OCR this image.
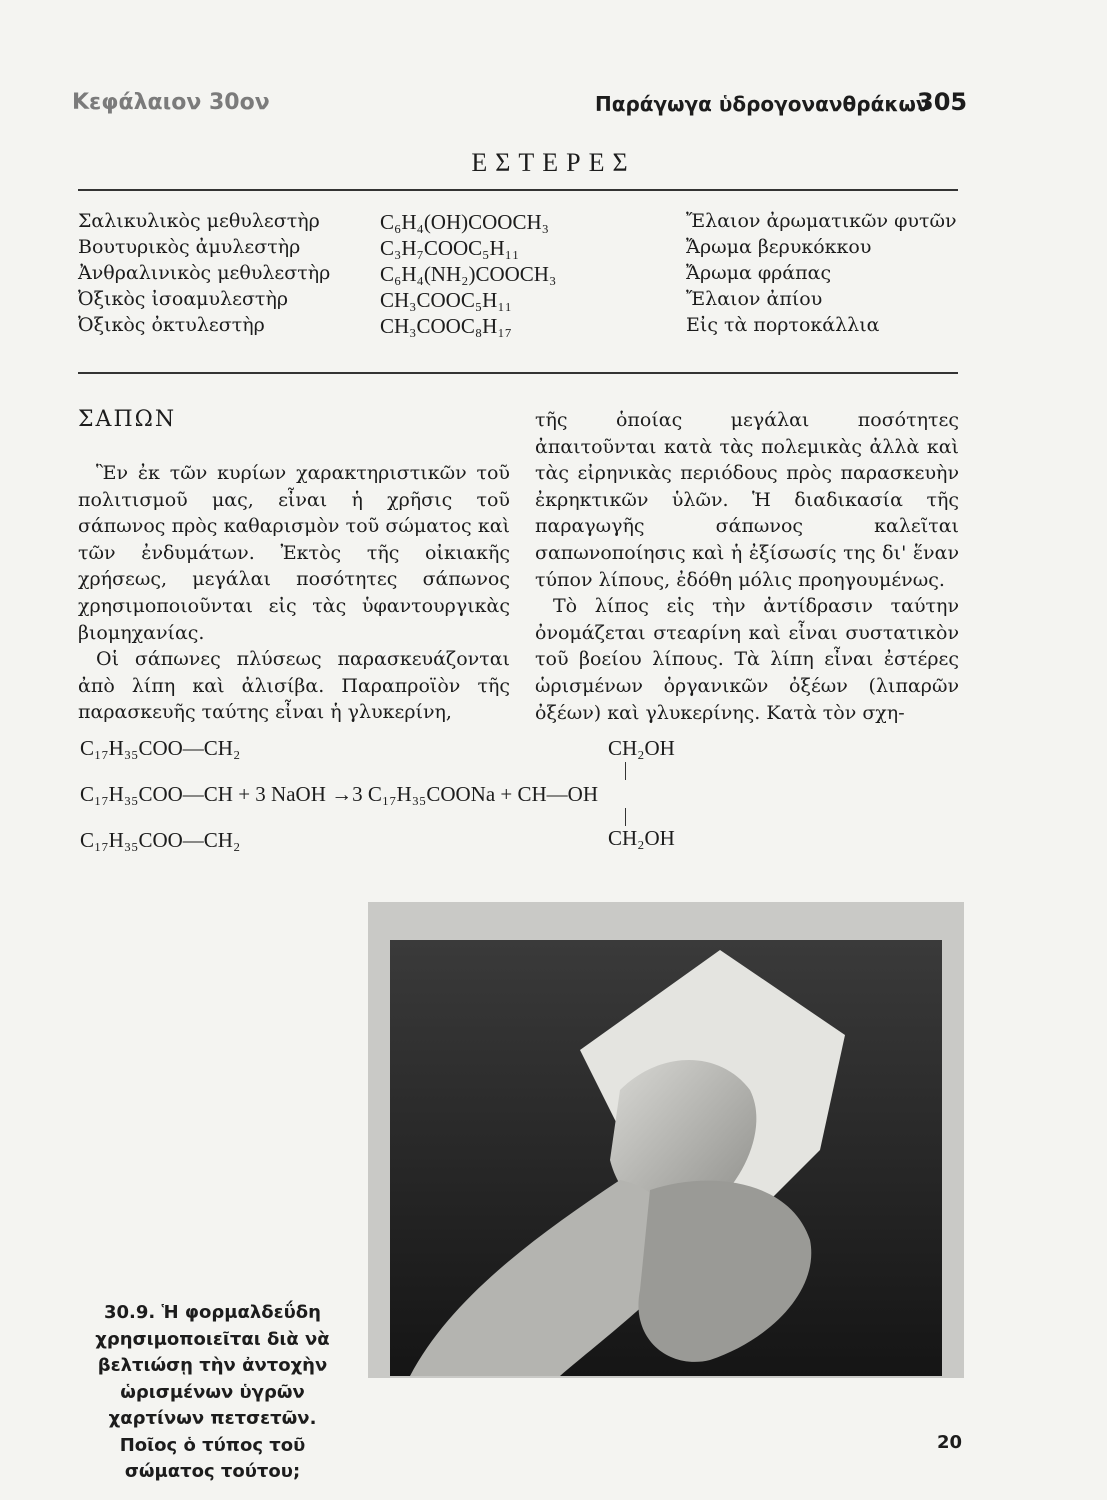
Κεφάλαιον 30ον	Παράγωγα ὑδρογονανθράκων
305
ΕΣΤΕΡΕΣ
Σαλικυλικὸς μεθυλεστὴρ	C₆H₄(OH)COOCH₃	Ἔλαιον ἀρωματικῶν φυτῶν
Βουτυρικὸς ἀμυλεστὴρ	C₃H₇COOC₅H₁₁	Ἄρωμα βερυκόκκου
Ἀνθραλινικὸς μεθυλεστὴρ	C₆H₄(NH₂)COOCH₃	Ἄρωμα φράπας
Ὀξικὸς ἰσοαμυλεστὴρ	CH₃COOC₅H₁₁	Ἔλαιον ἀπίου
Ὀξικὸς ὀκτυλεστὴρ	CH₃COOC₈H₁₇	Εἰς τὰ πορτοκάλλια
ΣΑΠΩΝ

Ἓν ἐκ τῶν κυρίων χαρακτηριστικῶν τοῦ πολιτισμοῦ μας, εἶναι ἡ χρῆσις τοῦ σάπωνος πρὸς καθαρισμὸν τοῦ σώματος καὶ τῶν ἐνδυμάτων. Ἐκτὸς τῆς οἰκιακῆς χρήσεως, μεγάλαι ποσότητες σάπωνος χρησιμοποιοῦνται εἰς τὰς ὑφαντουργικὰς βιομηχανίας.

Οἱ σάπωνες πλύσεως παρασκευάζονται ἀπὸ λίπη καὶ ἀλισίβα. Παραπροϊὸν τῆς παρασκευῆς ταύτης εἶναι ἡ γλυκερίνη,

τῆς ὁποίας μεγάλαι ποσότητες ἀπαιτοῦνται κατὰ τὰς πολεμικὰς ἀλλὰ καὶ τὰς εἰρηνικὰς περιόδους πρὸς παρασκευὴν ἐκρηκτικῶν ὑλῶν. Ἡ διαδικασία τῆς παραγωγῆς σάπωνος καλεῖται σαπωνοποίησις καὶ ἡ ἐξίσωσίς της δι' ἕναν τύπον λίπους, ἐδόθη μόλις προηγουμένως.

Τὸ λίπος εἰς τὴν ἀντίδρασιν ταύτην ὀνομάζεται στεαρίνη καὶ εἶναι συστατικὸν τοῦ βοείου λίπους. Τὰ λίπη εἶναι ἐστέρες ὡρισμένων ὀργανικῶν ὀξέων (λιπαρῶν ὀξέων) καὶ γλυκερίνης. Κατὰ τὸν σχη-

C₁₇H₃₅COO—CH₂	CH₂OH
C₁₇H₃₅COO—CH + 3 NaOH →3 C₁₇H₃₅COONa + CH—OH
C₁₇H₃₅COO—CH₂	CH₂OH
30.9. Ἡ φορμαλδεΰδη χρησιμοποιεῖται διὰ νὰ βελτιώσῃ τὴν ἀντοχὴν ὡρισμένων ὑγρῶν χαρτίνων πετσετῶν. Ποῖος ὁ τύπος τοῦ σώματος τούτου;
20
